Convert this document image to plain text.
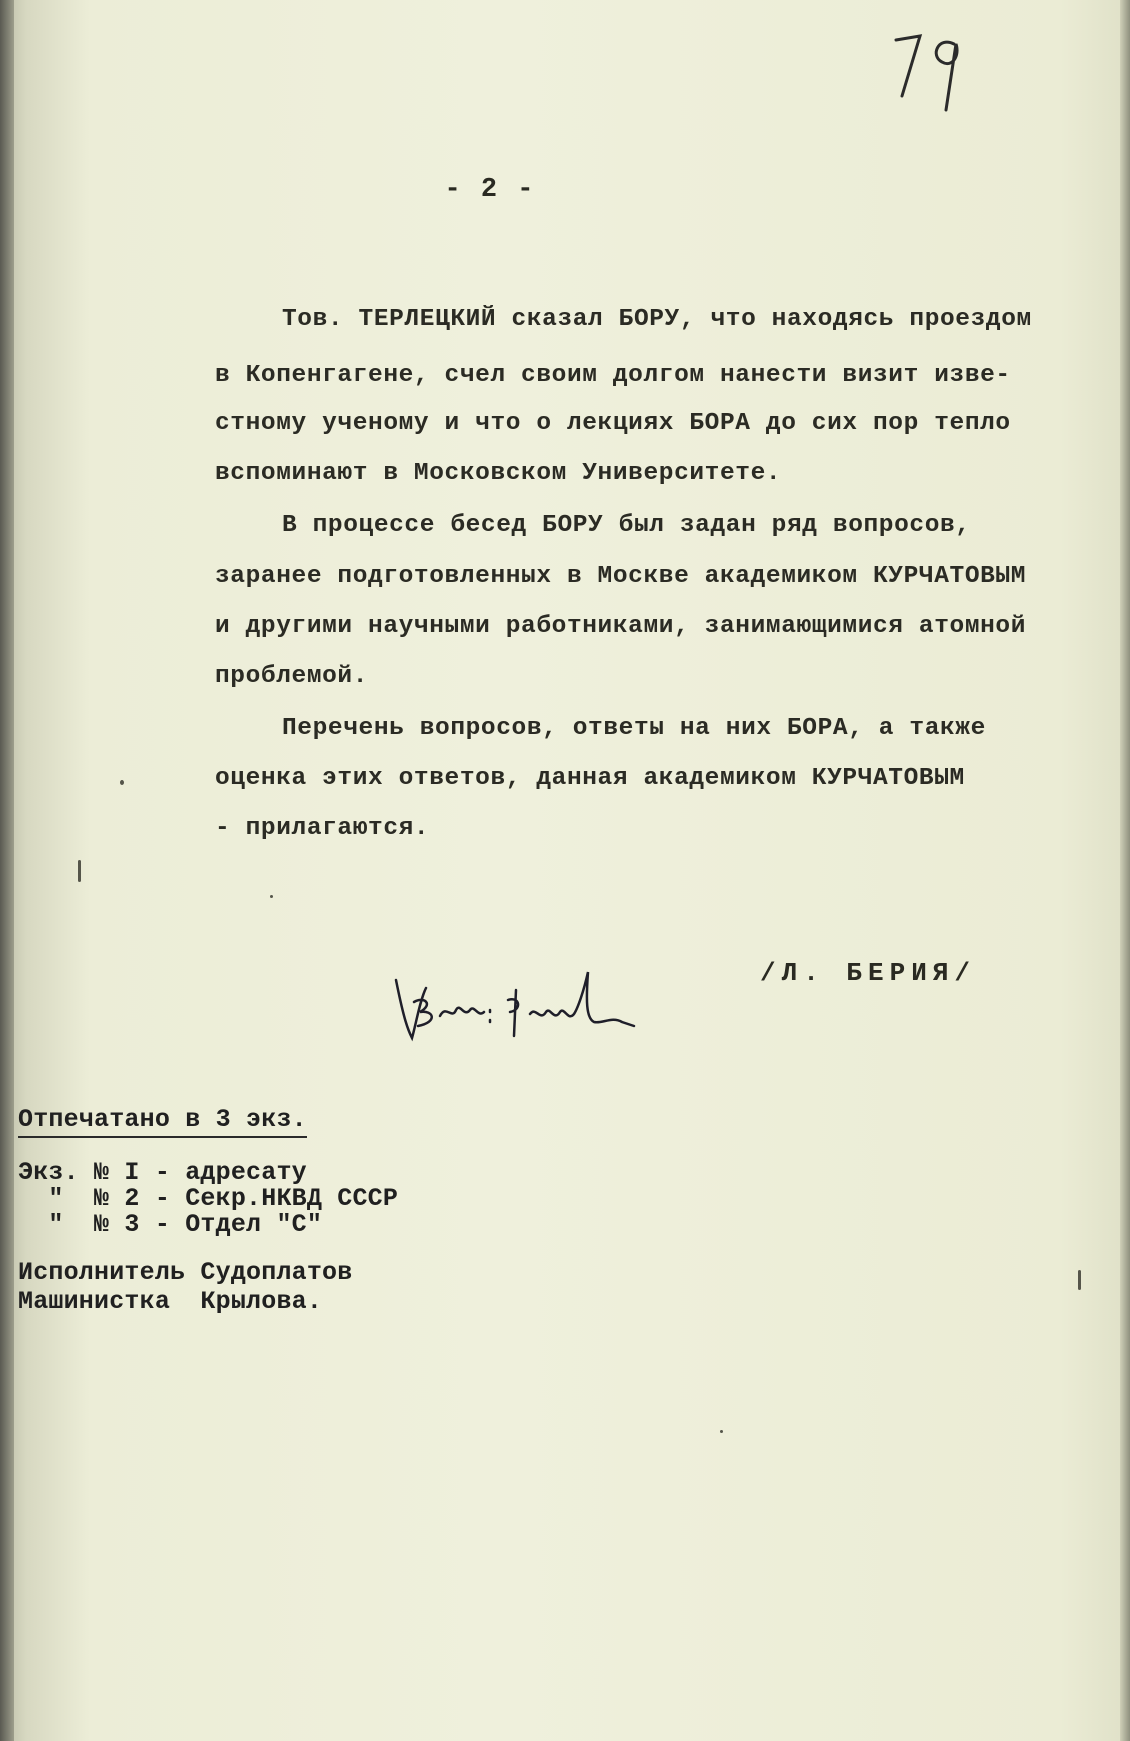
- 2 -
Тов. ТЕРЛЕЦКИЙ сказал БОРУ, что находясь проездом
в Копенгагене, счел своим долгом нанести визит изве-
стному ученому и что о лекциях БОРА до сих пор тепло
вспоминают в Московском Университете.
В процессе бесед БОРУ был задан ряд вопросов,
заранее подготовленных в Москве академиком КУРЧАТОВЫМ
и другими научными работниками, занимающимися атомной
проблемой.
Перечень вопросов, ответы на них БОРА, а также
оценка этих ответов, данная академиком КУРЧАТОВЫМ
- прилагаются.
/Л. БЕРИЯ/
Отпечатано в 3 экз.
Экз. № I - адресату
"  № 2 - Секр.НКВД СССР
"  № 3 - Отдел "С"
Исполнитель Судоплатов
Машинистка  Крылова.
